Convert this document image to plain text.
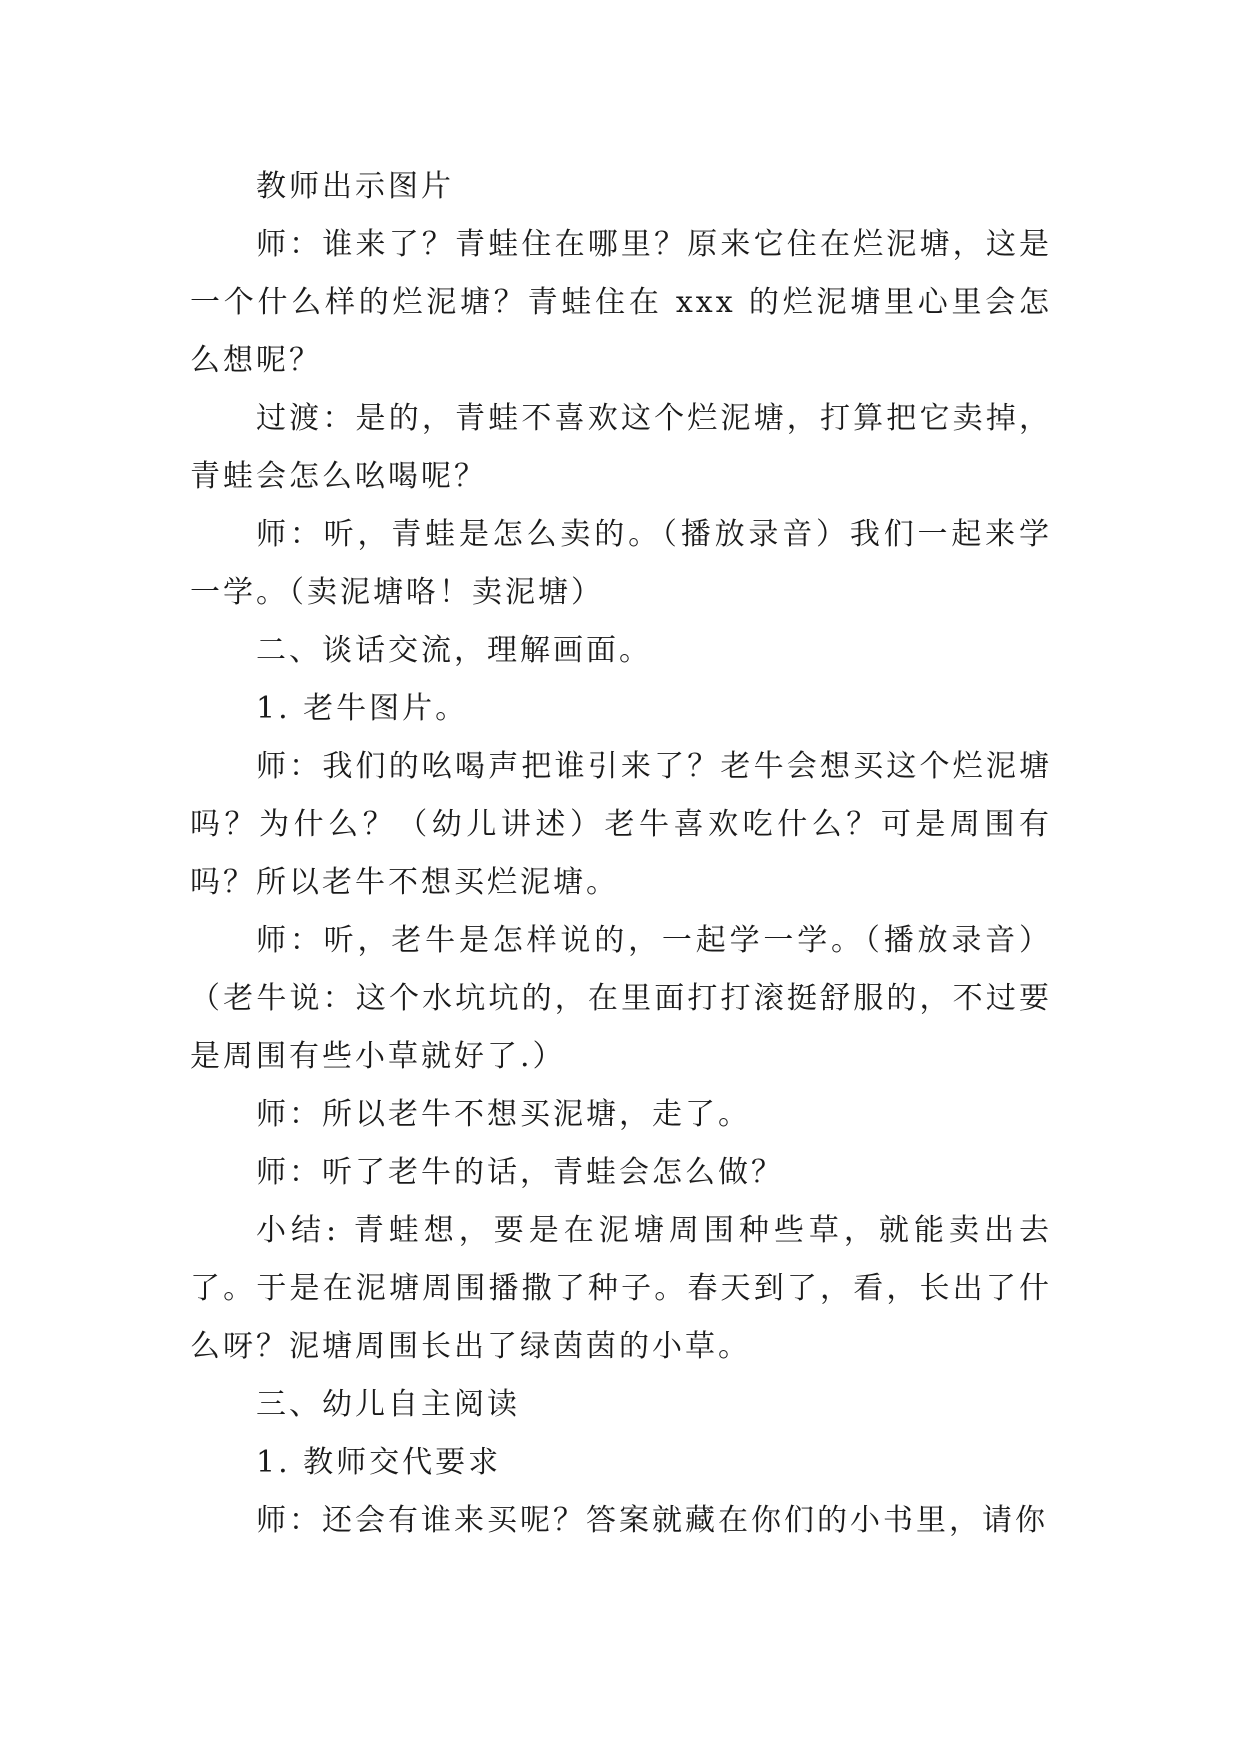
教师出示图片

师：谁来了？青蛙住在哪里？原来它住在烂泥塘，这是一个什么样的烂泥塘？青蛙住在 xxx 的烂泥塘里心里会怎么想呢？

过渡：是的，青蛙不喜欢这个烂泥塘，打算把它卖掉，青蛙会怎么吆喝呢？

师：听，青蛙是怎么卖的。（播放录音）我们一起来学一学。（卖泥塘咯！卖泥塘）

二、谈话交流，理解画面。

1. 老牛图片。

师：我们的吆喝声把谁引来了？老牛会想买这个烂泥塘吗？为什么？（幼儿讲述）老牛喜欢吃什么？可是周围有吗？所以老牛不想买烂泥塘。

师：听，老牛是怎样说的，一起学一学。（播放录音）（老牛说：这个水坑坑的，在里面打打滚挺舒服的，不过要是周围有些小草就好了.）

师：所以老牛不想买泥塘，走了。

师：听了老牛的话，青蛙会怎么做？

小结: 青蛙想，要是在泥塘周围种些草，就能卖出去了。于是在泥塘周围播撒了种子。春天到了，看，长出了什么呀？泥塘周围长出了绿茵茵的小草。

三、幼儿自主阅读

1. 教师交代要求

师：还会有谁来买呢？答案就藏在你们的小书里，请你
